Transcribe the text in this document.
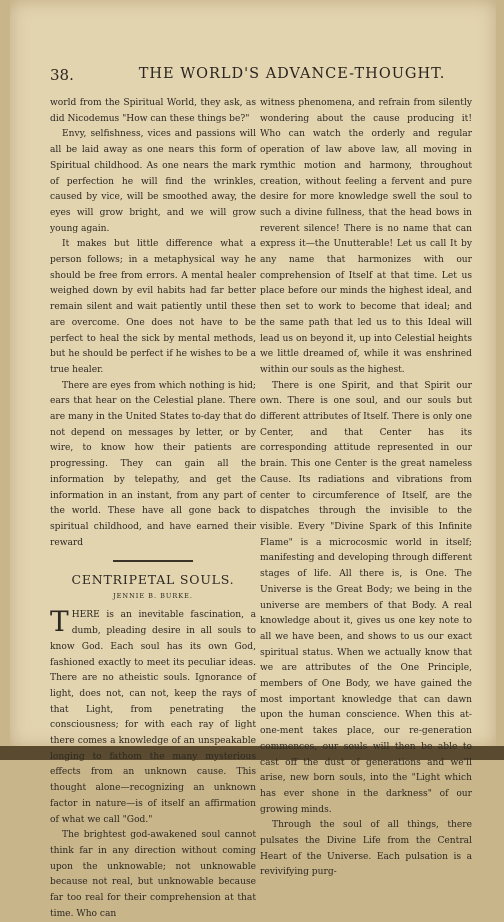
38.	THE WORLD'S ADVANCE-THOUGHT.

world from the Spiritual World, they ask, as did Nicodemus "How can these things be?"

Envy, selfishness, vices and passions will all be laid away as one nears this form of Spiritual childhood. As one nears the mark of perfection he will find the wrinkles, caused by vice, will be smoothed away, the eyes will grow bright, and we will grow young again.

It makes but little difference what a person follows; in a metaphysical way he should be free from errors. A mental healer weighed down by evil habits had far better remain silent and wait patiently until these are overcome. One does not have to be perfect to heal the sick by mental methods, but he should be perfect if he wishes to be a true healer.

There are eyes from which nothing is hid; ears that hear on the Celestial plane. There are many in the United States to-day that do not depend on messages by letter, or by wire, to know how their patients are progressing. They can gain all the information by telepathy, and get the information in an instant, from any part of the world. These have all gone back to spiritual childhood, and have earned their reward

CENTRIPETAL SOULS.
JENNIE B. BURKE.

THERE is an inevitable fascination, a dumb, pleading desire in all souls to know God. Each soul has its own God, fashioned exactly to meet its peculiar ideas. There are no atheistic souls. Ignorance of light, does not, can not, keep the rays of that Light, from penetrating the consciousness; for with each ray of light there comes a knowledge of an unspeakable longing to fathom the many mysterious effects from an unknown cause. This thought alone—recognizing an unknown factor in nature—is of itself an affirmation of what we call "God."

The brightest god-awakened soul cannot think far in any direction without coming upon the unknowable; not unknowable because not real, but unknowable because far too real for their comprehension at that time. Who can

witness phenomena, and refrain from silently wondering about the cause producing it! Who can watch the orderly and regular operation of law above law, all moving in rymthic motion and harmony, throughout creation, without feeling a fervent and pure desire for more knowledge swell the soul to such a divine fullness, that the head bows in reverent silence! There is no name that can express it—the Unutterable! Let us call It by any name that harmonizes with our comprehension of Itself at that time. Let us place before our minds the highest ideal, and then set to work to become that ideal; and the same path that led us to this Ideal will lead us on beyond it, up into Celestial heights we little dreamed of, while it was enshrined within our souls as the highest.

There is one Spirit, and that Spirit our own. There is one soul, and our souls but different attributes of Itself. There is only one Center, and that Center has its corresponding attitude represented in our brain. This one Center is the great nameless Cause. Its radiations and vibrations from center to circumference of Itself, are the dispatches through the invisible to the visible. Every "Divine Spark of this Infinite Flame" is a microcosmic world in itself; manifesting and developing through different stages of life. All there is, is One. The Universe is the Great Body; we being in the universe are members of that Body. A real knowledge about it, gives us one key note to all we have been, and shows to us our exact spiritual status. When we actually know that we are attributes of the One Principle, members of One Body, we have gained the most important knowledge that can dawn upon the human conscience. When this at-one-ment takes place, our re-generation commences, our souls will then be able to cast off the dust of generations and we'll arise, new born souls, into the "Light which has ever shone in the darkness" of our growing minds.

Through the soul of all things, there pulsates the Divine Life from the Central Heart of the Universe. Each pulsation is a revivifying purg-
